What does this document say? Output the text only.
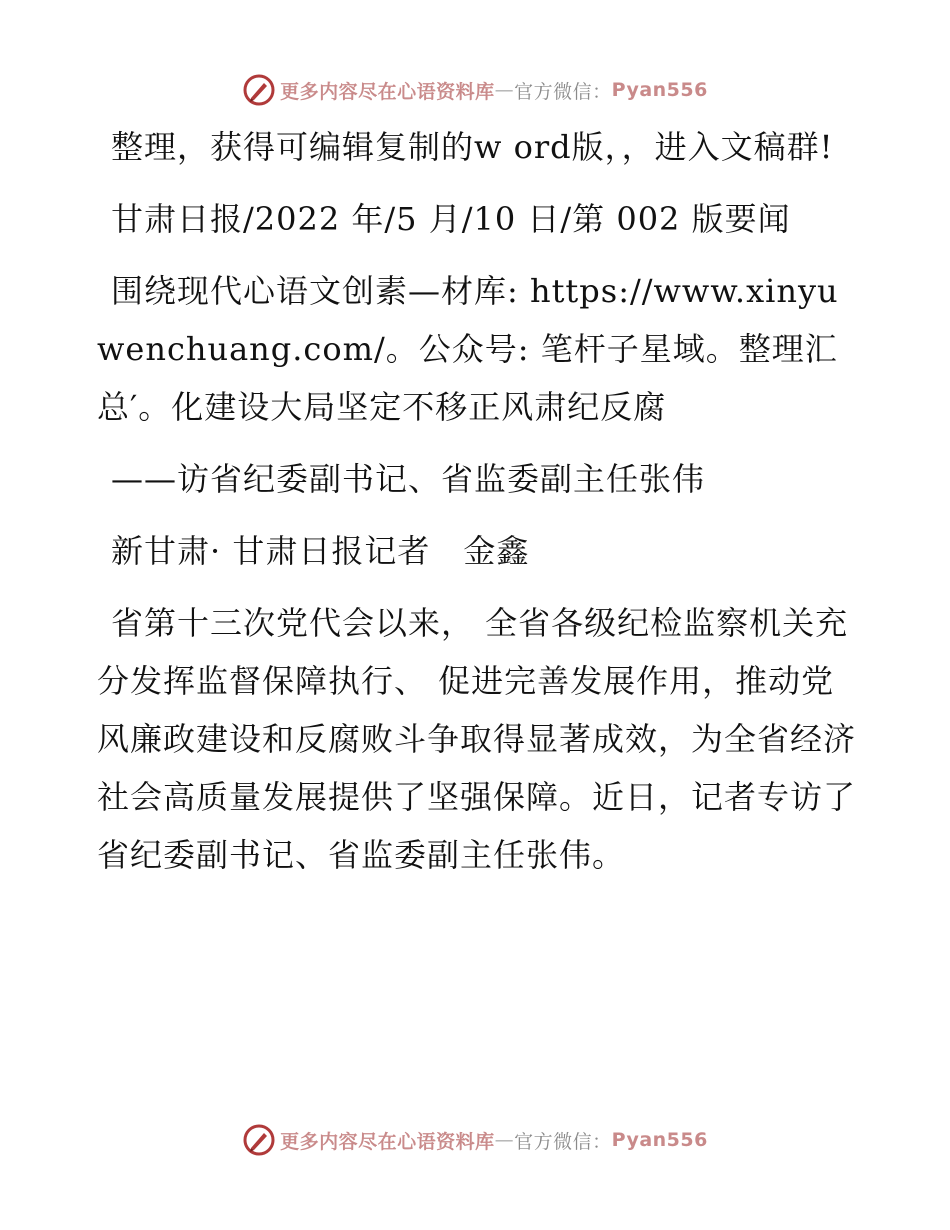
更多内容尽在心语资料库 — 官方微信： Pyan556

整理，获得可编辑复制的w ord版，，进入文稿群!

甘肃日报/2022 年/5 月/10 日/第 002 版要闻

围绕现代心语文创素—材库: https://www.xinyuwenchuang.com/。公众号: 笔杆子星域。整理汇总′。化建设大局坚定不移正风肃纪反腐

——访省纪委副书记、省监委副主任张伟

新甘肃· 甘肃日报记者　金鑫

省第十三次党代会以来， 全省各级纪检监察机关充分发挥监督保障执行、 促进完善发展作用，推动党风廉政建设和反腐败斗争取得显著成效，为全省经济社会高质量发展提供了坚强保障。近日，记者专访了省纪委副书记、省监委副主任张伟。

更多内容尽在心语资料库 — 官方微信： Pyan556
